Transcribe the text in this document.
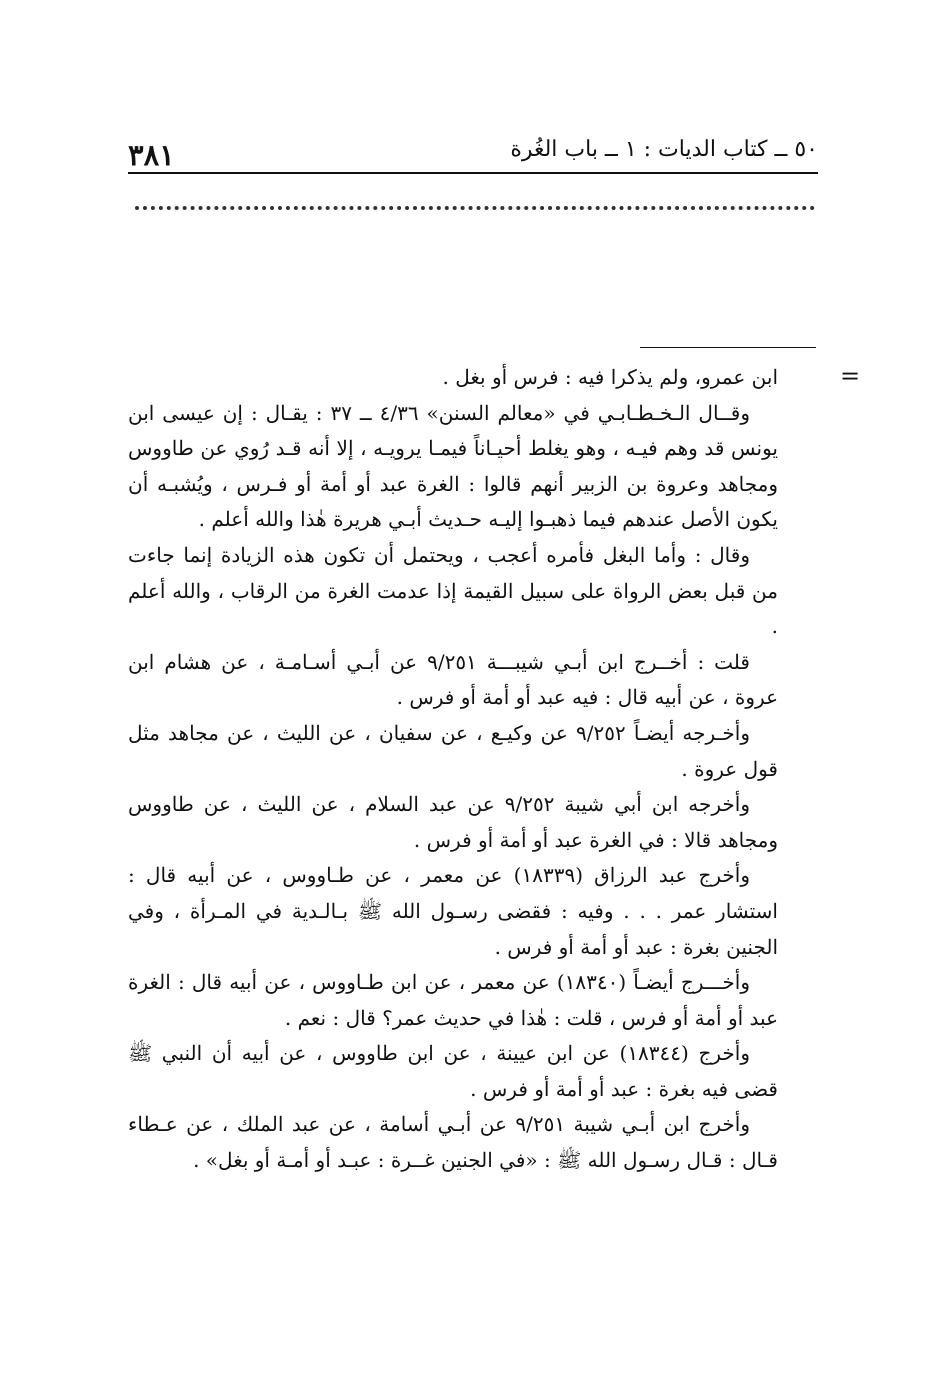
٣٨١	٥٠ ــ كتاب الديات : ١ ــ باب الغُرة
=

ابن عمرو، ولم يذكرا فيه : فرس أو بغل .

وقــال الـخـطـابـي في «معالم السنن» ٤/٣٦ ــ ٣٧ : يقـال : إن عيسى ابن يونس قد وهم فيـه ، وهو يغلط أحيـاناً فيمـا يرويـه ، إلا أنه قـد رُوي عن طاووس ومجاهد وعروة بن الزبير أنهم قالوا : الغرة عبد أو أمة أو فـرس ، ويُشبـه أن يكون الأصل عندهم فيما ذهبـوا إليـه حـديث أبـي هريرة هٰذا والله أعلم .

وقال : وأما البغل فأمره أعجب ، ويحتمل أن تكون هذه الزيادة إنما جاءت من قبل بعض الرواة على سبيل القيمة إذا عدمت الغرة من الرقاب ، والله أعلم .

قلت : أخــرج ابن أبـي شيبـــة ٩/٢٥١ عن أبـي أسـامـة ، عن هشام ابن عروة ، عن أبيه قال : فيه عبد أو أمة أو فرس .

وأخـرجه أيضـاً ٩/٢٥٢ عن وكيـع ، عن سفيان ، عن الليث ، عن مجاهد مثل قول عروة .

وأخرجه ابن أبي شيبة ٩/٢٥٢ عن عبد السلام ، عن الليث ، عن طاووس ومجاهد قالا : في الغرة عبد أو أمة أو فرس .

وأخرج عبد الرزاق (١٨٣٣٩) عن معمر ، عن طـاووس ، عن أبيه قال : استشار عمر . . . وفيه : فقضى رسـول الله ﷺ بـالـدية في المـرأة ، وفي الجنين بغرة : عبد أو أمة أو فرس .

وأخـــرج أيضـاً (١٨٣٤٠) عن معمر ، عن ابن طـاووس ، عن أبيه قال : الغرة عبد أو أمة أو فرس ، قلت : هٰذا في حديث عمر؟ قال : نعم .

وأخرج (١٨٣٤٤) عن ابن عيينة ، عن ابن طاووس ، عن أبيه أن النبي ﷺ قضى فيه بغرة : عبد أو أمة أو فرس .

وأخرج ابن أبـي شيبة ٩/٢٥١ عن أبـي أسامة ، عن عبد الملك ، عن عـطاء قـال : قـال رسـول الله ﷺ : «في الجنين غــرة : عبـد أو أمـة أو بغل» .
